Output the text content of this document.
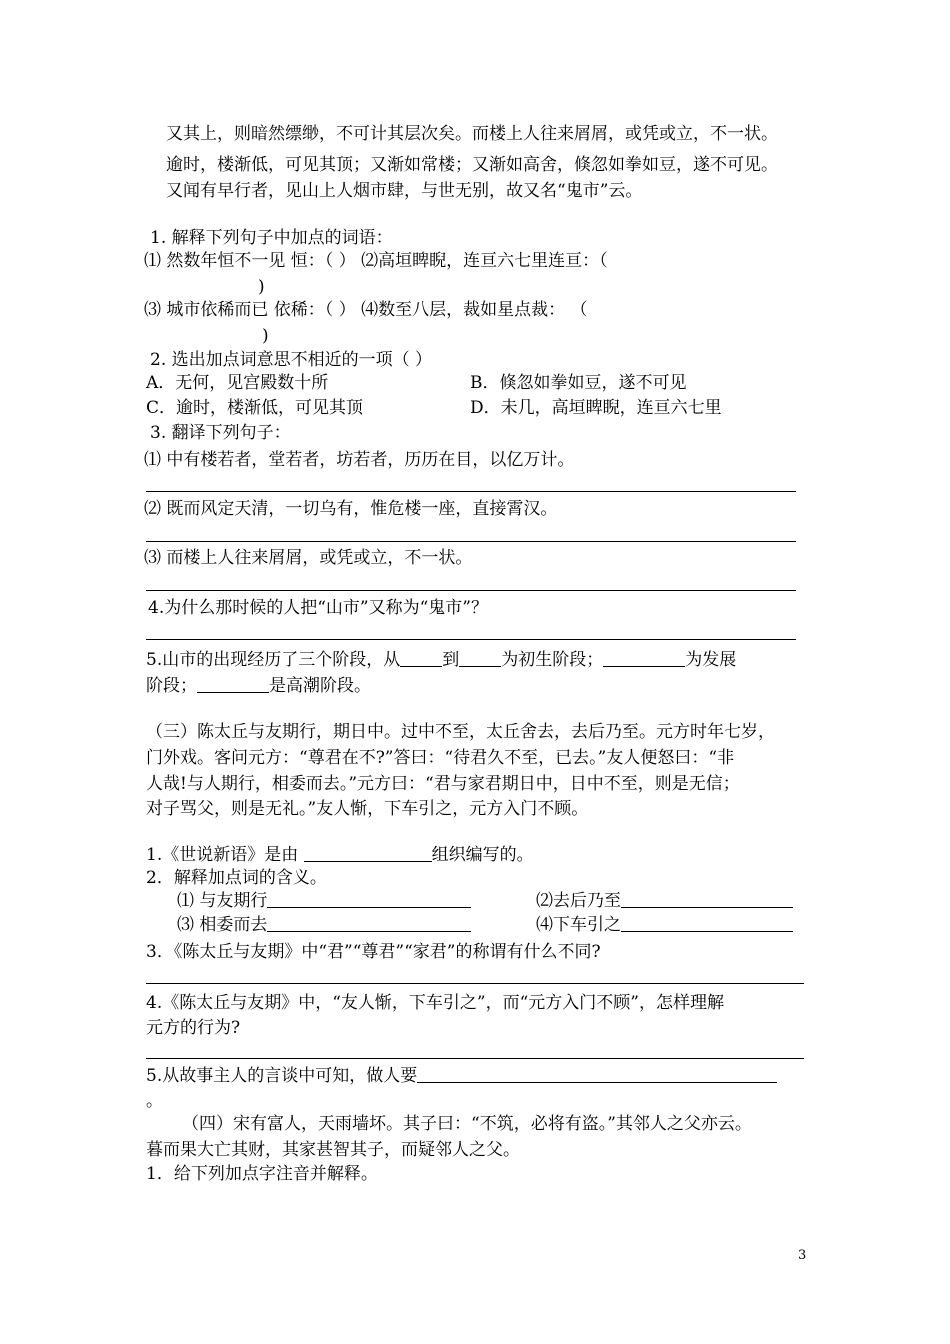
又其上，则暗然缥缈，不可计其层次矣。而楼上人往来屑屑，或凭或立，不一状。
逾时，楼渐低，可见其顶；又渐如常楼；又渐如高舍，倏忽如拳如豆，遂不可见。
又闻有早行者，见山上人烟市肆，与世无别，故又名“鬼市”云。
1. 解释下列句子中加点的词语：
⑴ 然数年恒不一见 恒：（ ） ⑵高垣睥睨，连亘六七里连亘：（
)
⑶ 城市依稀而已 依稀：（ ） ⑷数至八层，裁如星点裁： （
)
2. 选出加点词意思不相近的一项（ ）
A．无何，见宫殿数十所	B．倏忽如拳如豆，遂不可见
C．逾时，楼渐低，可见其顶	D．未几，高垣睥睨，连亘六七里
3. 翻译下列句子：
⑴ 中有楼若者，堂若者，坊若者，历历在目，以亿万计。
⑵ 既而风定天清，一切乌有，惟危楼一座，直接霄汉。
⑶ 而楼上人往来屑屑，或凭或立，不一状。
4.为什么那时候的人把“山市”又称为“鬼市”？
5.山市的出现经历了三个阶段，从 到 为初生阶段；	为发展
阶段；	是高潮阶段。
（三）陈太丘与友期行，期日中。过中不至，太丘舍去，去后乃至。元方时年七岁，
门外戏。客问元方：“尊君在不?”答曰：“待君久不至，已去。”友人便怒曰：“非
人哉!与人期行，相委而去。”元方曰：“君与家君期日中，日中不至，则是无信；
对子骂父，则是无礼。”友人惭，下车引之，元方入门不顾。
1.《世说新语》是由	组织编写的。
2．解释加点词的含义。
⑴ 与友期行	⑵去后乃至
⑶ 相委而去	⑷下车引之
3．《陈太丘与友期》中“君”“尊君”“家君”的称谓有什么不同?
4.《陈太丘与友期》中，“友人惭，下车引之”，而“元方入门不顾”，怎样理解
元方的行为?
5.从故事主人的言谈中可知，做人要
。
（四）宋有富人，天雨墙坏。其子曰：“不筑，必将有盗。”其邻人之父亦云。
暮而果大亡其财，其家甚智其子，而疑邻人之父。
1．给下列加点字注音并解释。
3
